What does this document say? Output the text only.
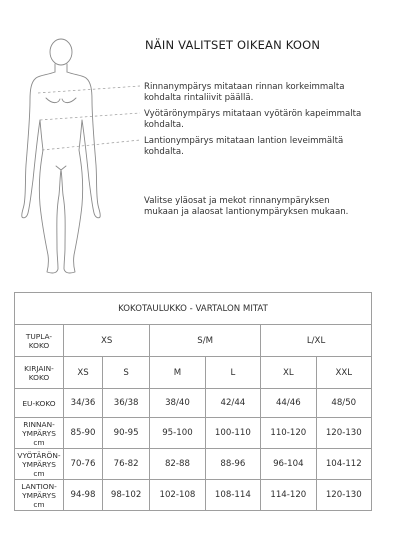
NÄIN VALITSET OIKEAN KOON
Rinnanympärys mitataan rinnan korkeimmalta
kohdalta rintaliivit päällä.
Vyötärönympärys mitataan vyötärön kapeimmalta
kohdalta.
Lantionympärys mitataan lantion leveimmältä
kohdalta.
Valitse yläosat ja mekot rinnanympäryksen
mukaan ja alaosat lantionympäryksen mukaan.
KOKOTAULUKKO - VARTALON MITAT						

TUPLA-
KOKO	XS		S/M		L/XL	

KIRJAIN-
KOKO	XS	S	M	L	XL	XXL

EU-KOKO	34/36	36/38	38/40	42/44	44/46	48/50

RINNAN-
YMPÄRYS
cm	85-90	90-95	95-100	100-110	110-120	120-130

VYÖTÄRÖN-
YMPÄRYS
cm	70-76	76-82	82-88	88-96	96-104	104-112

LANTION-
YMPÄRYS
cm	94-98	98-102	102-108	108-114	114-120	120-130
